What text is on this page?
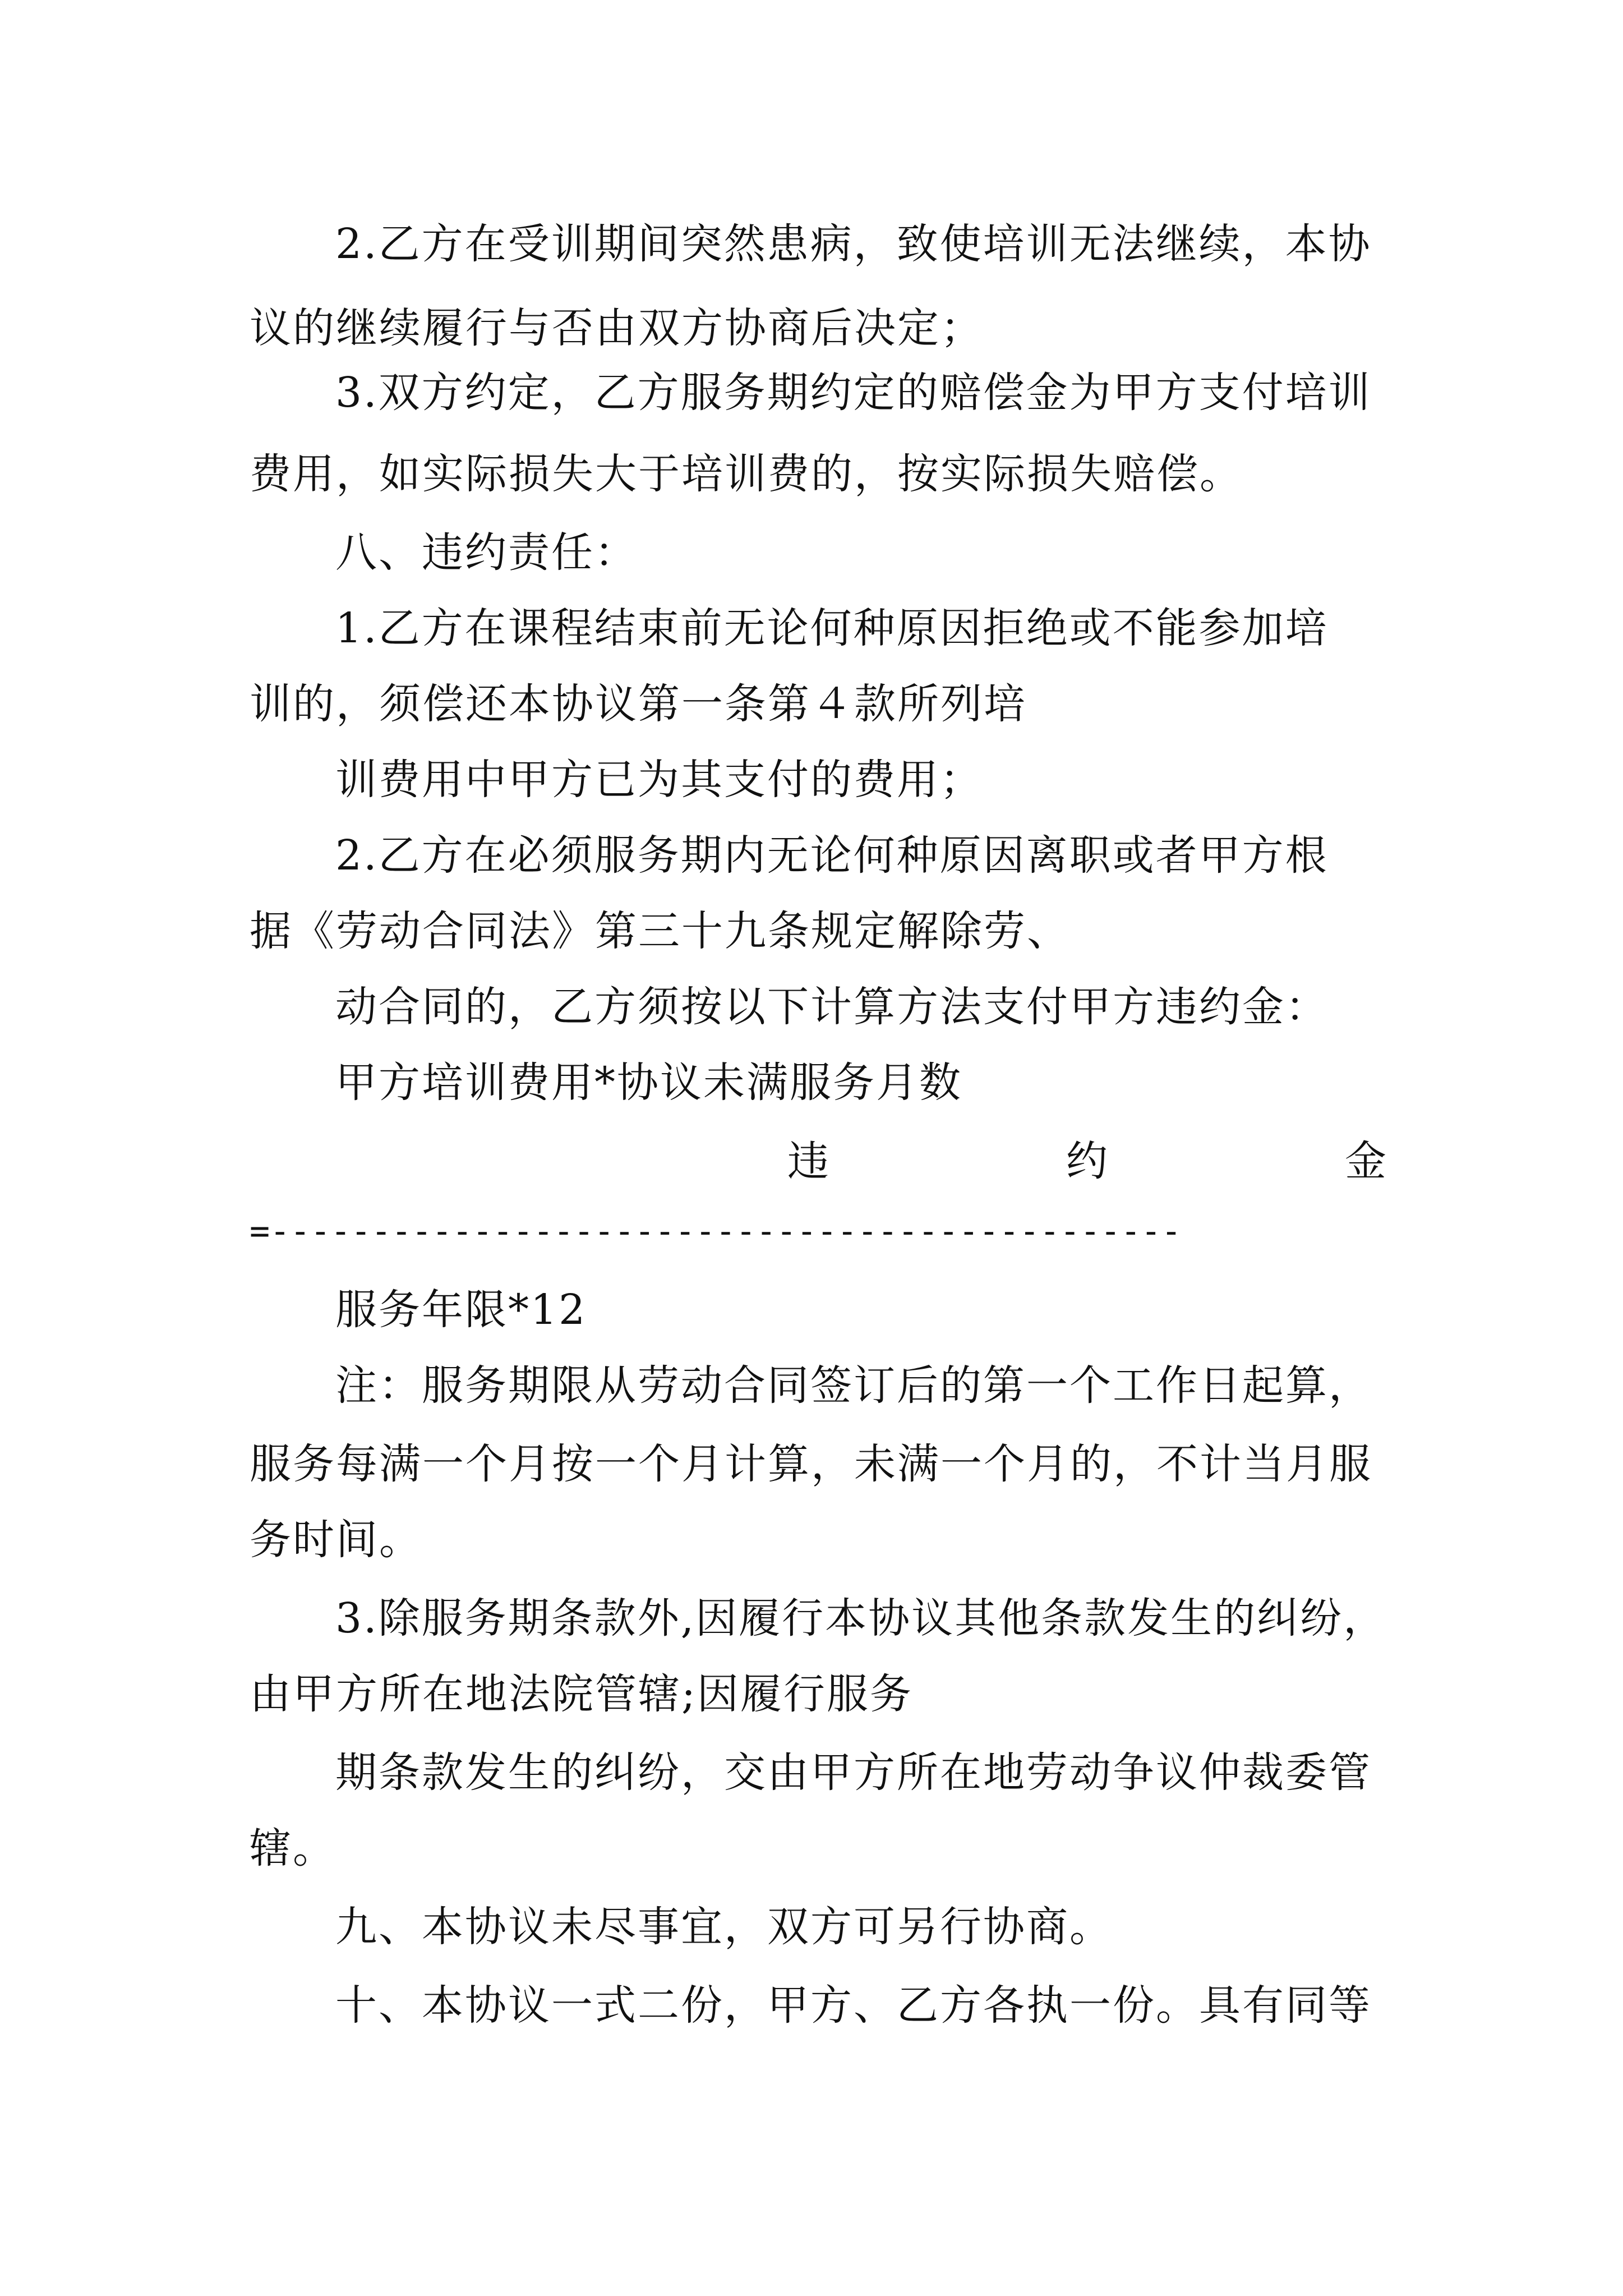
2.乙方在受训期间突然患病，致使培训无法继续，本协
议的继续履行与否由双方协商后决定；
3.双方约定，乙方服务期约定的赔偿金为甲方支付培训
费用，如实际损失大于培训费的，按实际损失赔偿。
八、违约责任：
1.乙方在课程结束前无论何种原因拒绝或不能参加培
训的，须偿还本协议第一条第４款所列培
训费用中甲方已为其支付的费用；
2.乙方在必须服务期内无论何种原因离职或者甲方根
据《劳动合同法》第三十九条规定解除劳、
动合同的，乙方须按以下计算方法支付甲方违约金：
甲方培训费用*协议未满服务月数
违	约	金
=---------------------------------------------
服务年限*12
注：服务期限从劳动合同签订后的第一个工作日起算，
服务每满一个月按一个月计算，未满一个月的，不计当月服
务时间。
3.除服务期条款外,因履行本协议其他条款发生的纠纷，
由甲方所在地法院管辖;因履行服务
期条款发生的纠纷，交由甲方所在地劳动争议仲裁委管
辖。
九、本协议未尽事宜，双方可另行协商。
十、本协议一式二份，甲方、乙方各执一份。具有同等
